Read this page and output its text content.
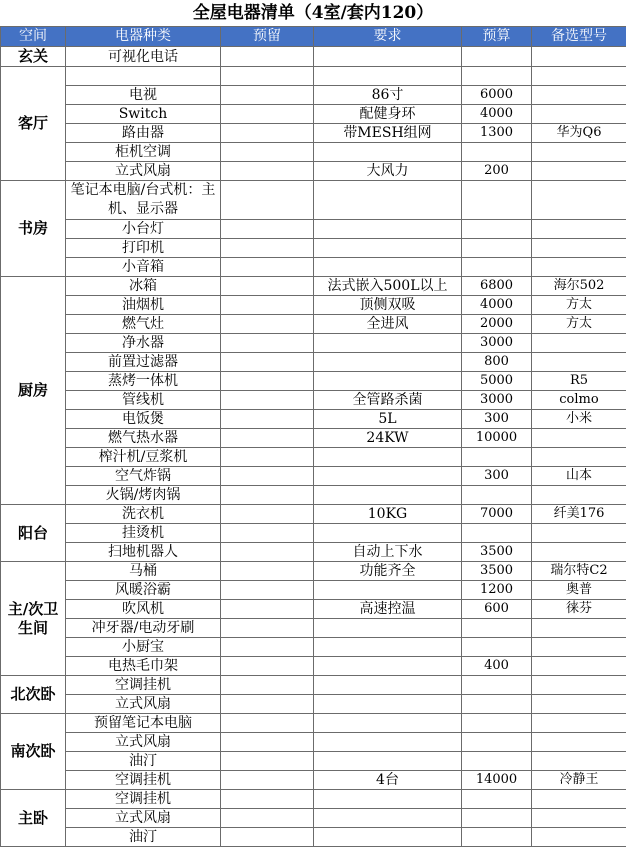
全屋电器清单（4室/套内120）
空间	电器种类	预留	要求	预算	备选型号
玄关	可视化电话				
客厅					
	电视		86寸	6000	
	Switch		配健身环	4000	
	路由器		带MESH组网	1300	华为Q6
	柜机空调				
	立式风扇		大风力	200	
书房	笔记本电脑/台式机：主机、显示器				
	小台灯				
	打印机				
	小音箱				
厨房	冰箱		法式嵌入500L以上	6800	海尔502
	油烟机		顶侧双吸	4000	方太
	燃气灶		全进风	2000	方太
	净水器			3000	
	前置过滤器			800	
	蒸烤一体机			5000	R5
	管线机		全管路杀菌	3000	colmo
	电饭煲		5L	300	小米
	燃气热水器		24KW	10000	
	榨汁机/豆浆机				
	空气炸锅			300	山本
	火锅/烤肉锅				
阳台	洗衣机		10KG	7000	纤美176
	挂烫机				
	扫地机器人		自动上下水	3500	
主/次卫生间	马桶		功能齐全	3500	瑞尔特C2
	风暖浴霸			1200	奥普
	吹风机		高速控温	600	徕芬
	冲牙器/电动牙刷				
	小厨宝				
	电热毛巾架			400	
北次卧	空调挂机				
	立式风扇				
南次卧	预留笔记本电脑				
	立式风扇				
	油汀				
	空调挂机		4台	14000	冷静王
主卧	空调挂机				
	立式风扇				
	油汀				
